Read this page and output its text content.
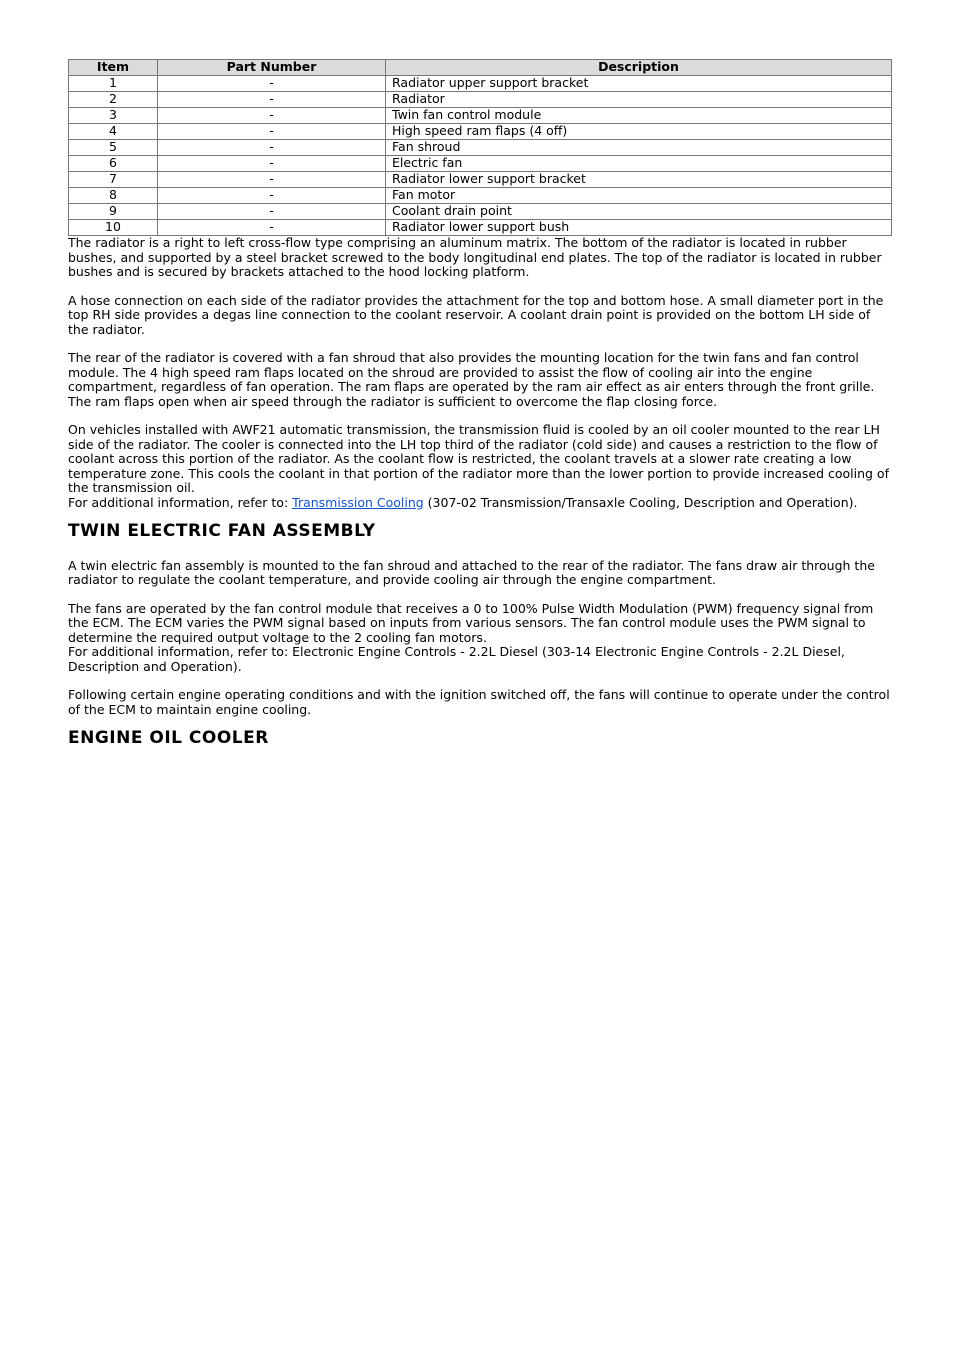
Item	Part Number	Description
1	-	Radiator upper support bracket
2	-	Radiator
3	-	Twin fan control module
4	-	High speed ram flaps (4 off)
5	-	Fan shroud
6	-	Electric fan
7	-	Radiator lower support bracket
8	-	Fan motor
9	-	Coolant drain point
10	-	Radiator lower support bush

The radiator is a right to left cross-flow type comprising an aluminum matrix. The bottom of the radiator is located in rubber bushes, and supported by a steel bracket screwed to the body longitudinal end plates. The top of the radiator is located in rubber bushes and is secured by brackets attached to the hood locking platform.

A hose connection on each side of the radiator provides the attachment for the top and bottom hose. A small diameter port in the top RH side provides a degas line connection to the coolant reservoir. A coolant drain point is provided on the bottom LH side of the radiator.

The rear of the radiator is covered with a fan shroud that also provides the mounting location for the twin fans and fan control module. The 4 high speed ram flaps located on the shroud are provided to assist the flow of cooling air into the engine compartment, regardless of fan operation. The ram flaps are operated by the ram air effect as air enters through the front grille. The ram flaps open when air speed through the radiator is sufficient to overcome the flap closing force.

On vehicles installed with AWF21 automatic transmission, the transmission fluid is cooled by an oil cooler mounted to the rear LH side of the radiator. The cooler is connected into the LH top third of the radiator (cold side) and causes a restriction to the flow of coolant across this portion of the radiator. As the coolant flow is restricted, the coolant travels at a slower rate creating a low temperature zone. This cools the coolant in that portion of the radiator more than the lower portion to provide increased cooling of the transmission oil.

For additional information, refer to: Transmission Cooling (307-02 Transmission/Transaxle Cooling, Description and Operation).

TWIN ELECTRIC FAN ASSEMBLY

A twin electric fan assembly is mounted to the fan shroud and attached to the rear of the radiator. The fans draw air through the radiator to regulate the coolant temperature, and provide cooling air through the engine compartment.

The fans are operated by the fan control module that receives a 0 to 100% Pulse Width Modulation (PWM) frequency signal from the ECM. The ECM varies the PWM signal based on inputs from various sensors. The fan control module uses the PWM signal to determine the required output voltage to the 2 cooling fan motors.

For additional information, refer to: Electronic Engine Controls - 2.2L Diesel (303-14 Electronic Engine Controls - 2.2L Diesel, Description and Operation).

Following certain engine operating conditions and with the ignition switched off, the fans will continue to operate under the control of the ECM to maintain engine cooling.

ENGINE OIL COOLER
